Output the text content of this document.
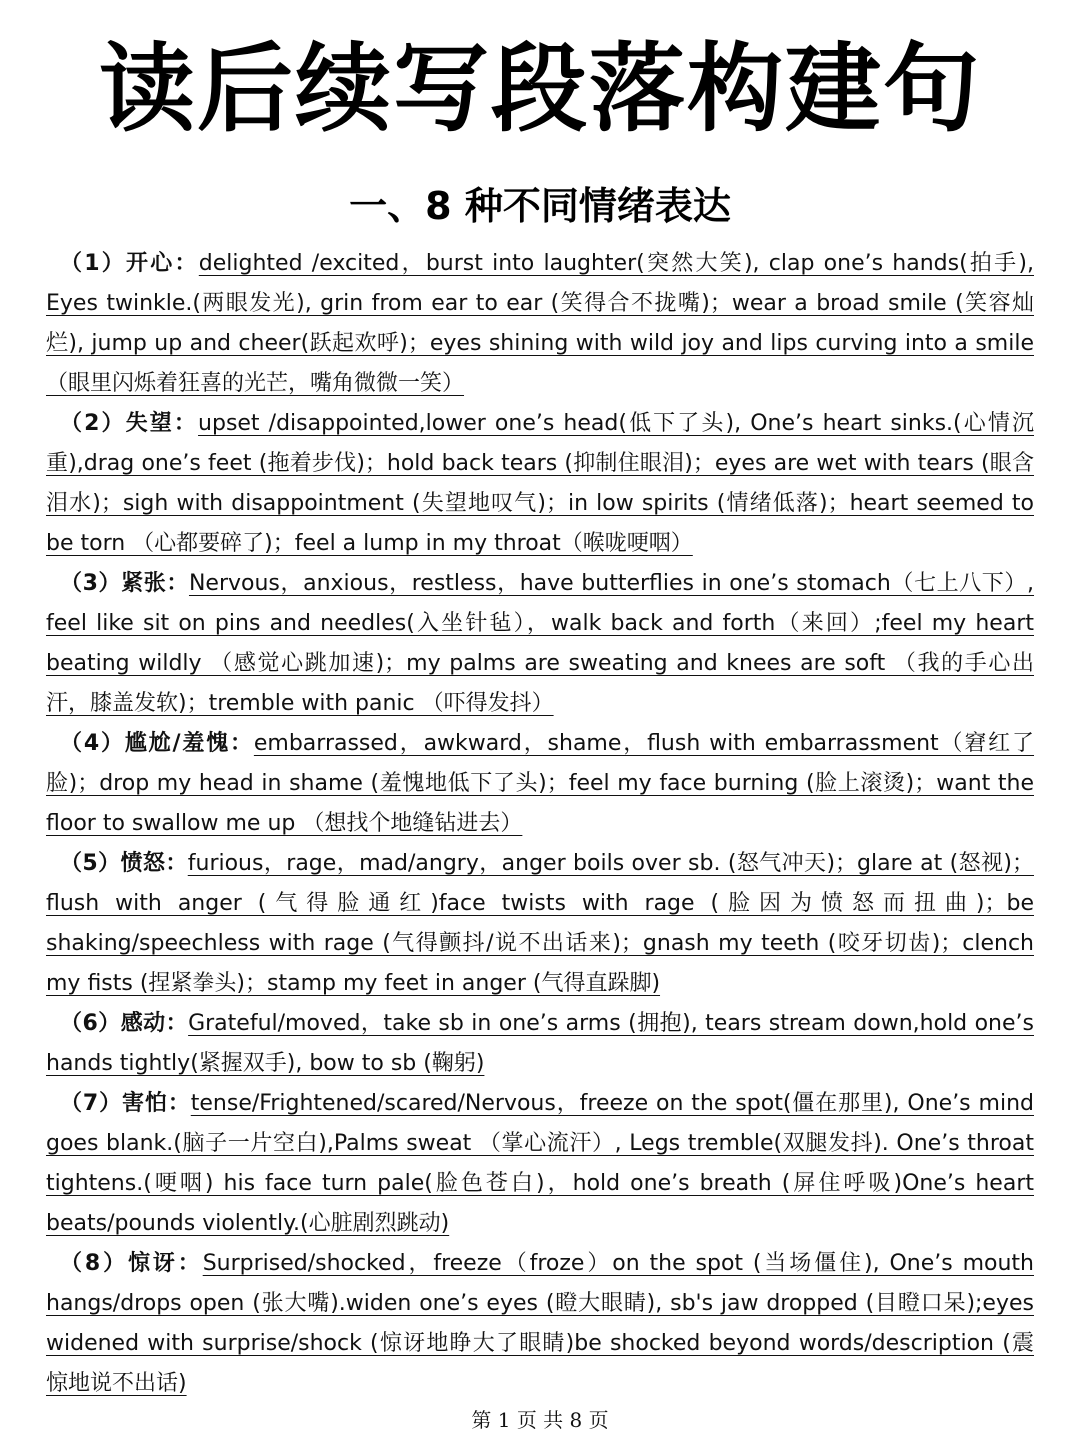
读后续写段落构建句
一、8 种不同情绪表达

（1）开心：delighted /excited，burst into laughter(突然大笑), clap one’s hands(拍手), Eyes twinkle.(两眼发光), grin from ear to ear (笑得合不拢嘴)；wear a broad smile (笑容灿烂), jump up and cheer(跃起欢呼)；eyes shining with wild joy and lips curving into a smile （眼里闪烁着狂喜的光芒，嘴角微微一笑）

（2）失望：upset /disappointed,lower one’s head(低下了头), One’s heart sinks.(心情沉重),drag one’s feet (拖着步伐)；hold back tears (抑制住眼泪)；eyes are wet with tears (眼含泪水)；sigh with disappointment (失望地叹气)；in low spirits (情绪低落)；heart seemed to be torn （心都要碎了)；feel a lump in my throat（喉咙哽咽）

（3）紧张：Nervous，anxious，restless，have butterflies in one’s stomach（七上八下）, feel like sit on pins and needles(入坐针毡），walk back and forth（来回）;feel my heart beating wildly （感觉心跳加速)；my palms are sweating and knees are soft （我的手心出汗，膝盖发软)；tremble with panic （吓得发抖）

（4）尴尬/羞愧：embarrassed，awkward，shame，flush with embarrassment（窘红了脸)；drop my head in shame (羞愧地低下了头)；feel my face burning (脸上滚烫)；want the floor to swallow me up （想找个地缝钻进去）

（5）愤怒：furious，rage，mad/angry，anger boils over sb. (怒气冲天)；glare at (怒视)；flush with anger (气得脸通红)face twists with rage (脸因为愤怒而扭曲)；be shaking/speechless with rage (气得颤抖/说不出话来)；gnash my teeth (咬牙切齿)；clench my fists (捏紧拳头)；stamp my feet in anger (气得直跺脚)

（6）感动：Grateful/moved，take sb in one’s arms (拥抱), tears stream down,hold one’s hands tightly(紧握双手), bow to sb (鞠躬)

（7）害怕：tense/Frightened/scared/Nervous，freeze on the spot(僵在那里), One’s mind goes blank.(脑子一片空白),Palms sweat （掌心流汗）, Legs tremble(双腿发抖). One’s throat tightens.(哽咽) his face turn pale(脸色苍白)，hold one’s breath (屏住呼吸)One’s heart beats/pounds violently.(心脏剧烈跳动)

（8）惊讶：Surprised/shocked，freeze（froze）on the spot (当场僵住), One’s mouth hangs/drops open (张大嘴).widen one’s eyes (瞪大眼睛), sb's jaw dropped (目瞪口呆);eyes widened with surprise/shock (惊讶地睁大了眼睛)be shocked beyond words/description (震惊地说不出话)

第 1 页 共 8 页
